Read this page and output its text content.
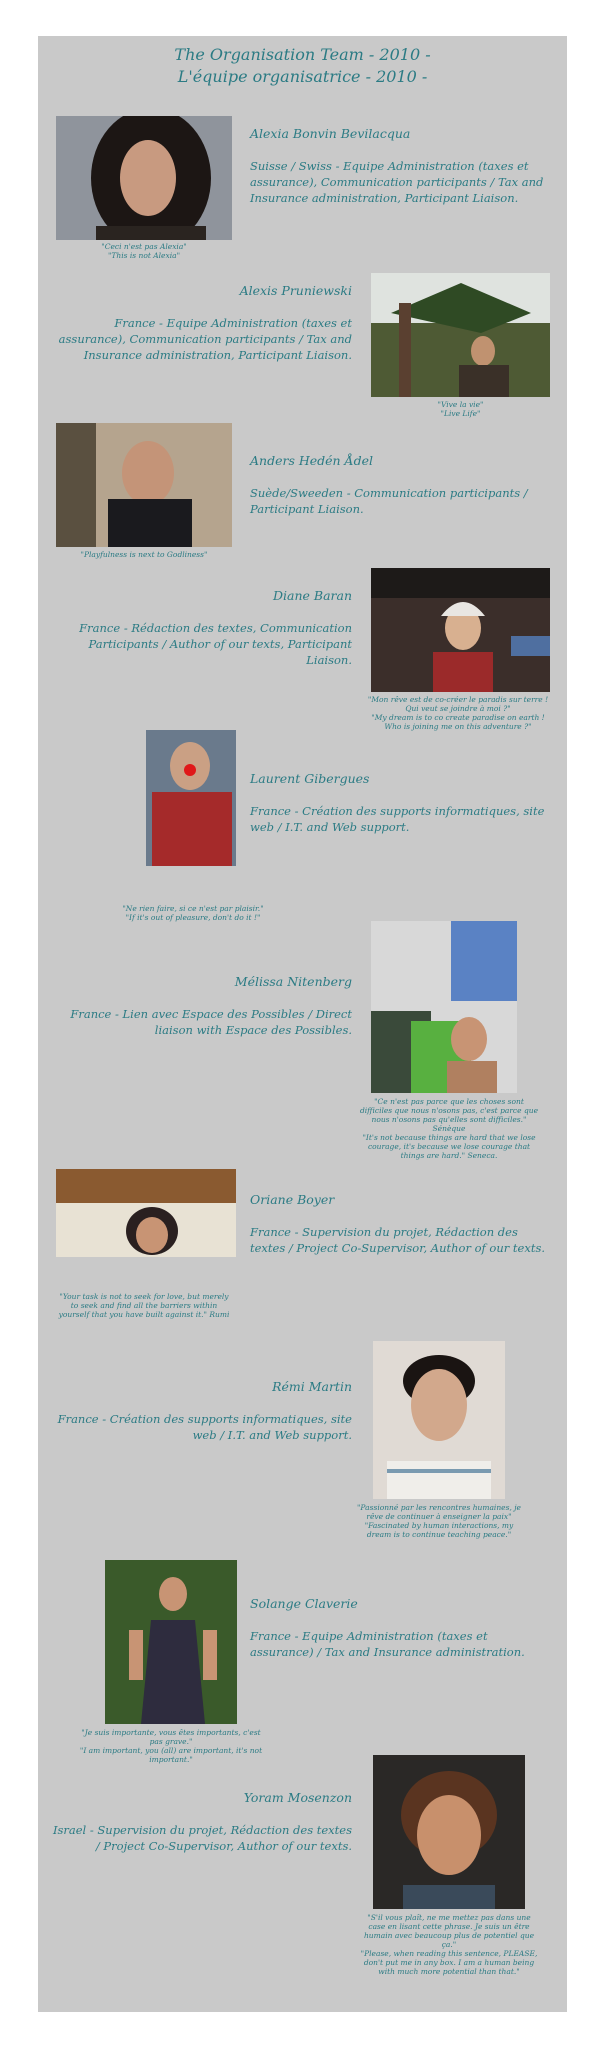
The Organisation Team - 2010 -
L'équipe organisatrice - 2010 -
Alexia Bonvin Bevilacqua
Suisse / Swiss - Equipe Administration (taxes et assurance), Communication participants / Tax and Insurance administration, Participant Liaison.
"Ceci n'est pas Alexia"
"This is not Alexia"
Alexis Pruniewski
France - Equipe Administration (taxes et assurance), Communication participants / Tax and Insurance administration, Participant Liaison.
"Vive la vie"
"Live Life"
Anders Hedén Ådel
Suède/Sweeden - Communication participants / Participant Liaison.
"Playfulness is next to Godliness"
Diane Baran
France - Rédaction des textes, Communication Participants / Author of our texts, Participant Liaison.
"Mon rêve est de co-créer le paradis sur terre ! Qui veut se joindre à moi ?"
"My dream is to co create paradise on earth ! Who is joining me on this adventure ?"
Laurent Gibergues
France - Création des supports informatiques, site web / I.T. and Web support.
"Ne rien faire, si ce n'est par plaisir."
"If it's out of pleasure, don't do it !"
Mélissa Nitenberg
France - Lien avec Espace des Possibles / Direct liaison with Espace des Possibles.
"Ce n'est pas parce que les choses sont difficiles que nous n'osons pas, c'est parce que nous n'osons pas qu'elles sont difficiles." Sénèque
"It's not because things are hard that we lose courage, it's because we lose courage that things are hard." Seneca.
Oriane Boyer
France - Supervision du projet, Rédaction des textes / Project Co-Supervisor, Author of our texts.
"Your task is not to seek for love, but merely to seek and find all the barriers within yourself that you have built against it." Rumi
Rémi Martin
France - Création des supports informatiques, site web / I.T. and Web support.
"Passionné par les rencontres humaines, je rêve de continuer à enseigner la paix"
"Fascinated by human interactions, my dream is to continue teaching peace."
Solange Claverie
France - Equipe Administration (taxes et assurance) / Tax and Insurance administration.
"Je suis importante, vous êtes importants, c'est pas grave."
"I am important, you (all) are important, it's not important."
Yoram Mosenzon
Israel - Supervision du projet, Rédaction des textes / Project Co-Supervisor, Author of our texts.
"S'il vous plaît, ne me mettez pas dans une case en lisant cette phrase. Je suis un être humain avec beaucoup plus de potentiel que ça."
"Please, when reading this sentence, PLEASE, don't put me in any box. I am a human being with much more potential than that."
